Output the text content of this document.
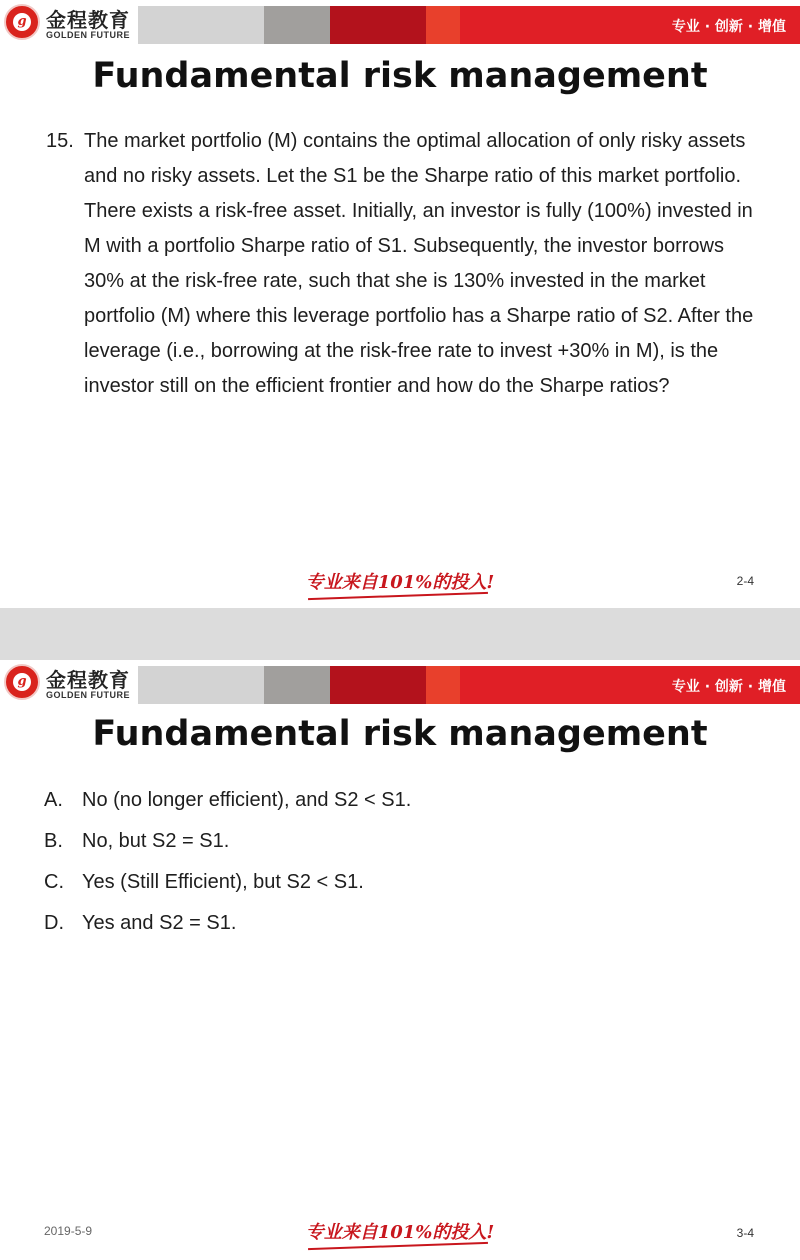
g 金程教育
GOLDEN FUTURE	专业 · 创新 · 增值
Fundamental risk management
15. The market portfolio (M) contains the optimal allocation of only risky assets and no risky assets. Let the S1 be the Sharpe ratio of this market portfolio. There exists a risk-free asset. Initially, an investor is fully (100%) invested in M with a portfolio Sharpe ratio of S1. Subsequently, the investor borrows 30% at the risk-free rate, such that she is 130% invested in the market portfolio (M) where this leverage portfolio has a Sharpe ratio of S2. After the leverage (i.e., borrowing at the risk-free rate to invest +30% in M), is the investor still on the efficient frontier and how do the Sharpe ratios?
专业来自101%的投入!	2-4
g 金程教育
GOLDEN FUTURE	专业 · 创新 · 增值
Fundamental risk management
A. No (no longer efficient), and S2 < S1.
B. No, but S2 = S1.
C. Yes (Still Efficient), but S2 < S1.
D. Yes and S2 = S1.
2019-5-9	专业来自101%的投入!	3-4
